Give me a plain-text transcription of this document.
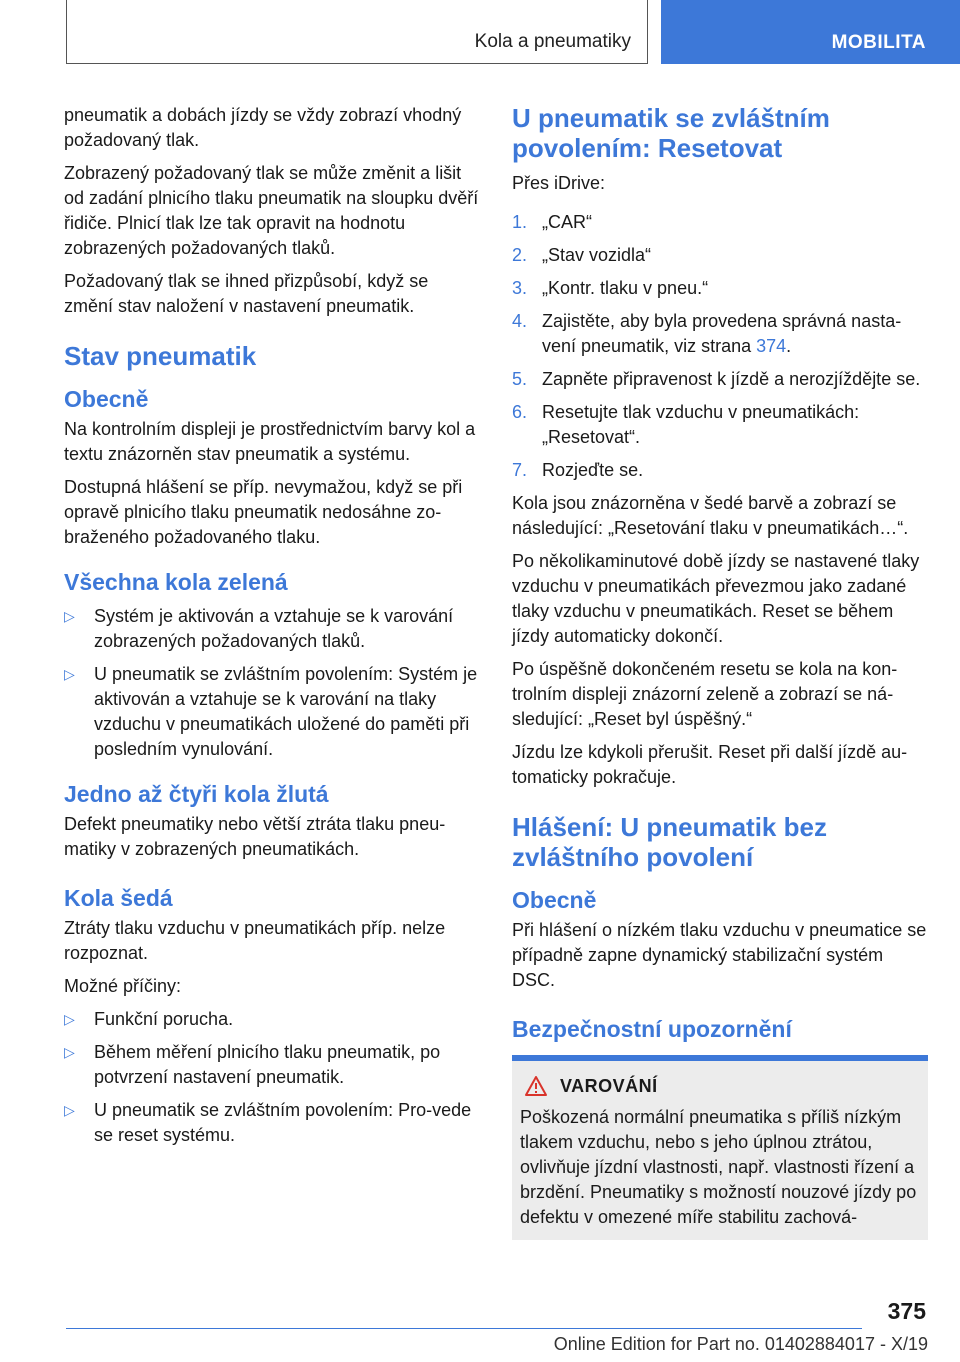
Kola a pneumatiky	MOBILITA

pneumatik a dobách jízdy se vždy zobrazí vhodný požadovaný tlak.

Zobrazený požadovaný tlak se může změnit a lišit od zadání plnicího tlaku pneumatik na sloupku dvěří řidiče. Plnicí tlak lze tak opravit na hodnotu zobrazených požadovaných tlaků.

Požadovaný tlak se ihned přizpůsobí, když se změní stav naložení v nastavení pneumatik.

Stav pneumatik
Obecně

Na kontrolním displeji je prostřednictvím barvy kol a textu znázorněn stav pneumatik a systému.

Dostupná hlášení se příp. nevymažou, když se při opravě plnicího tlaku pneumatik nedosáhne zo-braženého požadovaného tlaku.

Všechna kola zelená
▷ Systém je aktivován a vztahuje se k varování zobrazených požadovaných tlaků.
▷ U pneumatik se zvláštním povolením: Systém je aktivován a vztahuje se k varování na tlaky vzduchu v pneumatikách uložené do paměti při posledním vynulování.
Jedno až čtyři kola žlutá

Defekt pneumatiky nebo větší ztráta tlaku pneu-matiky v zobrazených pneumatikách.

Kola šedá

Ztráty tlaku vzduchu v pneumatikách příp. nelze rozpoznat.

Možné příčiny:

▷ Funkční porucha.
▷ Během měření plnicího tlaku pneumatik, po potvrzení nastavení pneumatik.
▷ U pneumatik se zvláštním povolením: Pro-vede se reset systému.
U pneumatik se zvláštním povolením: Resetovat

Přes iDrive:

1. „CAR“
2. „Stav vozidla“
3. „Kontr. tlaku v pneu.“
4. Zajistěte, aby byla provedena správná nasta-vení pneumatik, viz strana 374.
5. Zapněte připravenost k jízdě a nerozjíždějte se.
6. Resetujte tlak vzduchu v pneumatikách: „Resetovat“.
7. Rozjeďte se.

Kola jsou znázorněna v šedé barvě a zobrazí se následující: „Resetování tlaku v pneumatikách…“.

Po několikaminutové době jízdy se nastavené tlaky vzduchu v pneumatikách převezmou jako zadané tlaky vzduchu v pneumatikách. Reset se během jízdy automaticky dokončí.

Po úspěšně dokončeném resetu se kola na kon-trolním displeji znázorní zeleně a zobrazí se ná-sledující: „Reset byl úspěšný.“

Jízdu lze kdykoli přerušit. Reset při další jízdě au-tomaticky pokračuje.

Hlášení: U pneumatik bez zvláštního povolení
Obecně

Při hlášení o nízkém tlaku vzduchu v pneumatice se případně zapne dynamický stabilizační systém DSC.

Bezpečnostní upozornění
VAROVÁNÍ

Poškozená normální pneumatika s příliš nízkým tlakem vzduchu, nebo s jeho úplnou ztrátou, ovlivňuje jízdní vlastnosti, např. vlastnosti řízení a brzdění. Pneumatiky s možností nouzové jízdy po defektu v omezené míře stabilitu zachová-

375
Online Edition for Part no. 01402884017 - X/19
